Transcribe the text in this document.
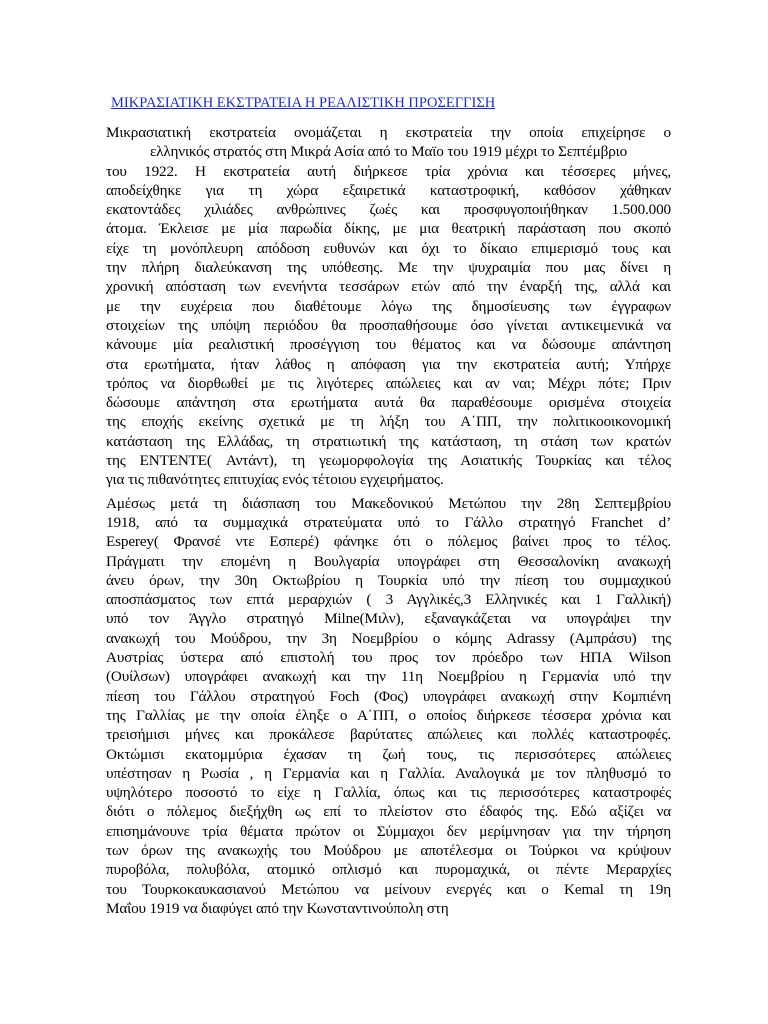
ΜΙΚΡΑΣΙΑΤΙΚΗ ΕΚΣΤΡΑΤΕΙΑ Η ΡΕΑΛΙΣΤΙΚΗ ΠΡΟΣΕΓΓΙΣΗ
Μικρασιατική εκστρατεία ονομάζεται η εκστρατεία την οποία επιχείρησε ο
ελληνικός στρατός στη Μικρά Ασία από το Μαϊο του 1919 μέχρι το Σεπτέμβριο
του 1922. Η εκστρατεία αυτή διήρκεσε τρία χρόνια και τέσσερες μήνες,
αποδείχθηκε για τη χώρα εξαιρετικά καταστροφική, καθόσον χάθηκαν
εκατοντάδες χιλιάδες ανθρώπινες ζωές και προσφυγοποιήθηκαν 1.500.000
άτομα. Έκλεισε με μία παρωδία δίκης, με μια θεατρική παράσταση που σκοπό
είχε τη μονόπλευρη απόδοση ευθυνών και όχι το δίκαιο επιμερισμό τους και
την πλήρη διαλεύκανση της υπόθεσης. Με την ψυχραιμία που μας δίνει η
χρονική απόσταση των ενενήντα τεσσάρων ετών από την έναρξή της, αλλά και
με την ευχέρεια που διαθέτουμε λόγω της δημοσίευσης των έγγραφων
στοιχείων της υπόψη περιόδου θα προσπαθήσουμε όσο γίνεται αντικειμενικά να
κάνουμε μία ρεαλιστική προσέγγιση του θέματος και να δώσουμε απάντηση
στα ερωτήματα, ήταν λάθος η απόφαση για την εκστρατεία αυτή; Υπήρχε
τρόπος να διορθωθεί με τις λιγότερες απώλειες και αν ναι; Μέχρι πότε; Πριν
δώσουμε απάντηση στα ερωτήματα αυτά θα παραθέσουμε ορισμένα στοιχεία
της εποχής εκείνης σχετικά με τη λήξη του Α΄ΠΠ, την πολιτικοοικονομική
κατάσταση της Ελλάδας, τη στρατιωτική της κατάσταση, τη στάση των κρατών
της ENTENTE( Αντάντ), τη γεωμορφολογία της Ασιατικής Τουρκίας και τέλος
για τις πιθανότητες επιτυχίας ενός τέτοιου εγχειρήματος.
Αμέσως μετά τη διάσπαση του Μακεδονικού Μετώπου την 28η Σεπτεμβρίου
1918, από τα συμμαχικά στρατεύματα υπό το Γάλλο στρατηγό Franchet d’
Esperey( Φρανσέ ντε Εσπερέ) φάνηκε ότι ο πόλεμος βαίνει προς το τέλος.
Πράγματι την επομένη η Βουλγαρία υπογράφει στη Θεσσαλονίκη ανακωχή
άνευ όρων, την 30η Οκτωβρίου η Τουρκία υπό την πίεση του συμμαχικού
αποσπάσματος των επτά μεραρχιών ( 3 Αγγλικές,3 Ελληνικές και 1 Γαλλική)
υπό τον Άγγλο στρατηγό Milne(Μιλν), εξαναγκάζεται να υπογράψει την
ανακωχή του Μούδρου, την 3η Νοεμβρίου ο κόμης Adrassy (Αμπράσυ) της
Αυστρίας ύστερα από επιστολή του προς τον πρόεδρο των ΗΠΑ Wilson
(Ουίλσων) υπογράφει ανακωχή και την 11η Νοεμβρίου η Γερμανία υπό την
πίεση του Γάλλου στρατηγού Foch (Φος) υπογράφει ανακωχή στην Κομπιένη
της Γαλλίας με την οποία έληξε ο Α΄ΠΠ, ο οποίος διήρκεσε τέσσερα χρόνια και
τρεισήμισι μήνες και προκάλεσε βαρύτατες απώλειες και πολλές καταστροφές.
Οκτώμισι εκατομμύρια έχασαν τη ζωή τους, τις περισσότερες απώλειες
υπέστησαν η Ρωσία , η Γερμανία και η Γαλλία. Αναλογικά με τον πληθυσμό το
υψηλότερο ποσοστό το είχε η Γαλλία, όπως και τις περισσότερες καταστροφές
διότι ο πόλεμος διεξήχθη ως επί το πλείστον στο έδαφός της. Εδώ αξίζει να
επισημάνουνε τρία θέματα πρώτον οι Σύμμαχοι δεν μερίμνησαν για την τήρηση
των όρων της ανακωχής του Μούδρου με αποτέλεσμα οι Τούρκοι να κρύψουν
πυροβόλα, πολυβόλα, ατομικό οπλισμό και πυρομαχικά, οι πέντε Μεραρχίες
του Τουρκοκαυκασιανού Μετώπου να μείνουν ενεργές και ο Kemal τη 19η
Μαΐου 1919 να διαφύγει από την Κωνσταντινούπολη στη
